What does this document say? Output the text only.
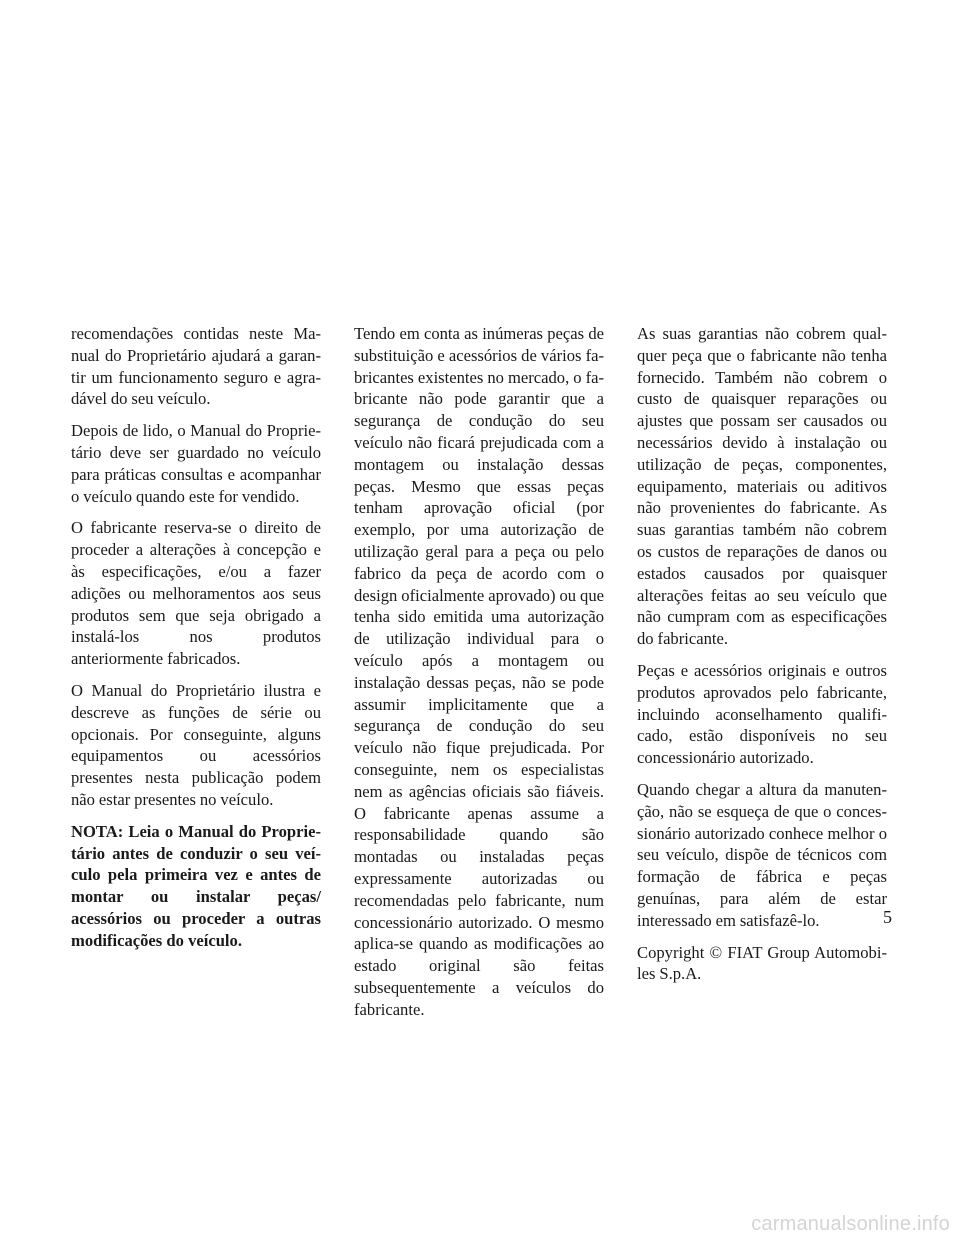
recomendações contidas neste Manual do Proprietário ajudará a garantir um funcionamento seguro e agradável do seu veículo.

Depois de lido, o Manual do Proprietário deve ser guardado no veículo para práticas consultas e acompanhar o veículo quando este for vendido.

O fabricante reserva-se o direito de proceder a alterações à concepção e às especificações, e/ou a fazer adições ou melhoramentos aos seus produtos sem que seja obrigado a instalá-los nos produtos anteriormente fabricados.

O Manual do Proprietário ilustra e descreve as funções de série ou opcionais. Por conseguinte, alguns equipamentos ou acessórios presentes nesta publicação podem não estar presentes no veículo.

NOTA: Leia o Manual do Proprietário antes de conduzir o seu veículo pela primeira vez e antes de montar ou instalar peças/ acessórios ou proceder a outras modificações do veículo.

Tendo em conta as inúmeras peças de substituição e acessórios de vários fabricantes existentes no mercado, o fabricante não pode garantir que a segurança de condução do seu veículo não ficará prejudicada com a montagem ou instalação dessas peças. Mesmo que essas peças tenham aprovação oficial (por exemplo, por uma autorização de utilização geral para a peça ou pelo fabrico da peça de acordo com o design oficialmente aprovado) ou que tenha sido emitida uma autorização de utilização individual para o veículo após a montagem ou instalação dessas peças, não se pode assumir implicitamente que a segurança de condução do seu veículo não fique prejudicada. Por conseguinte, nem os especialistas nem as agências oficiais são fiáveis. O fabricante apenas assume a responsabilidade quando são montadas ou instaladas peças expressamente autorizadas ou recomendadas pelo fabricante, num concessionário autorizado. O mesmo aplica-se quando as modificações ao estado original são feitas subsequentemente a veículos do fabricante.

As suas garantias não cobrem qualquer peça que o fabricante não tenha fornecido. Também não cobrem o custo de quaisquer reparações ou ajustes que possam ser causados ou necessários devido à instalação ou utilização de peças, componentes, equipamento, materiais ou aditivos não provenientes do fabricante. As suas garantias também não cobrem os custos de reparações de danos ou estados causados por quaisquer alterações feitas ao seu veículo que não cumpram com as especificações do fabricante.

Peças e acessórios originais e outros produtos aprovados pelo fabricante, incluindo aconselhamento qualificado, estão disponíveis no seu concessionário autorizado.

Quando chegar a altura da manutenção, não se esqueça de que o concessionário autorizado conhece melhor o seu veículo, dispõe de técnicos com formação de fábrica e peças genuínas, para além de estar interessado em satisfazê-lo.

Copyright © FIAT Group Automobiles S.p.A.

5
carmanualsonline.info
